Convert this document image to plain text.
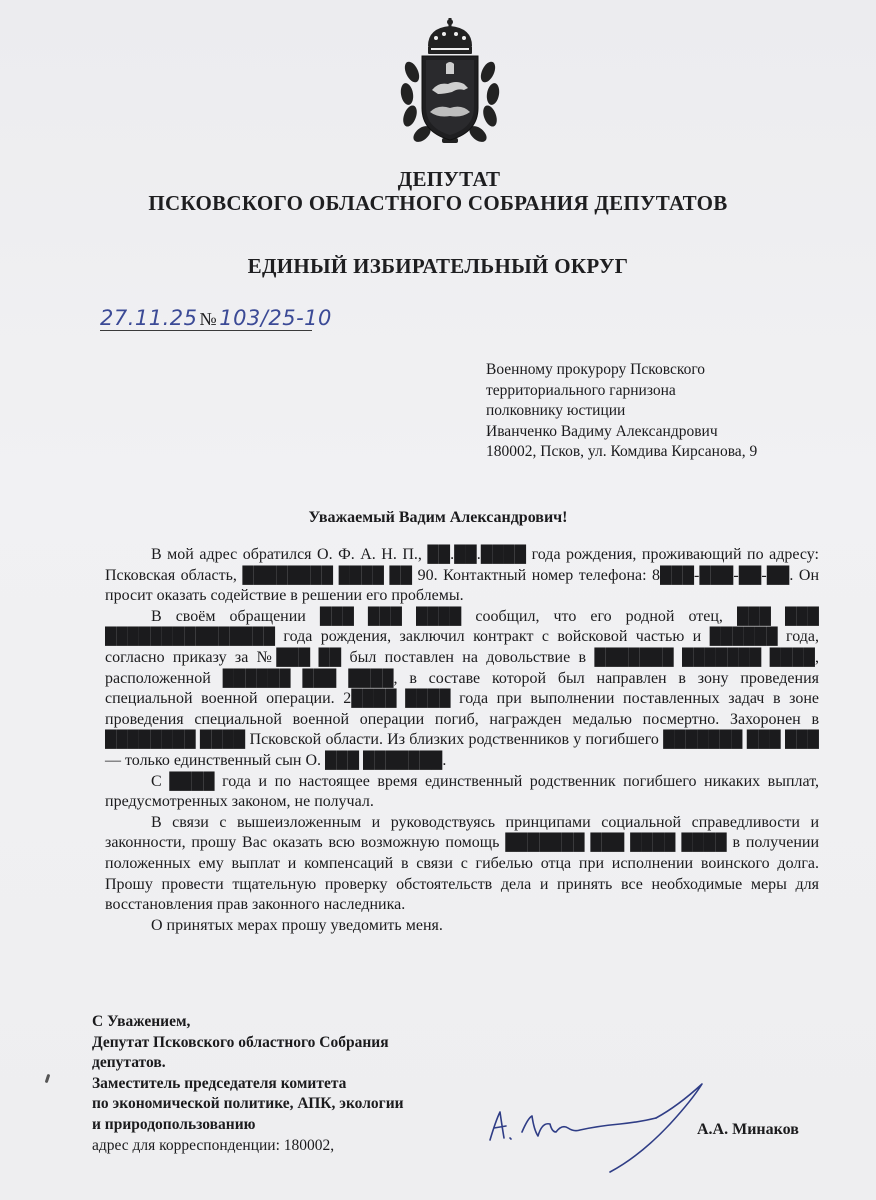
ДЕПУТАТ
ПСКОВСКОГО ОБЛАСТНОГО СОБРАНИЯ ДЕПУТАТОВ
ЕДИНЫЙ ИЗБИРАТЕЛЬНЫЙ ОКРУГ
27.11.25 №103/25-10
Военному прокурору Псковского
территориального гарнизона
полковнику юстиции
Иванченко Вадиму Александрович
180002, Псков, ул. Комдива Кирсанова, 9
Уважаемый Вадим Александрович!

В мой адрес обратился О. Ф. А. Н. П., ██.██.████ года рождения, проживающий по адресу: Псковская область, ████████ ████ ██ 90. Контактный номер телефона: 8███-███-██-██. Он просит оказать содействие в решении его проблемы.

В своём обращении ███ ███ ████ сообщил, что его родной отец, ███ ███ ███████████████ года рождения, заключил контракт с войсковой частью и ██████ года, согласно приказу за №███ ██ был поставлен на довольствие в ███████ ███████ ████, расположенной ██████ ███ ████, в составе которой был направлен в зону проведения специальной военной операции. 2████ ████ года при выполнении поставленных задач в зоне проведения специальной военной операции погиб, награжден медалью посмертно. Захоронен в ████████ ████ Псковской области. Из близких родственников у погибшего ███████ ███ ███ — только единственный сын О. ███ ███████.

С ████ года и по настоящее время единственный родственник погибшего никаких выплат, предусмотренных законом, не получал.

В связи с вышеизложенным и руководствуясь принципами социальной справедливости и законности, прошу Вас оказать всю возможную помощь ███████ ███ ████ ████ в получении положенных ему выплат и компенсаций в связи с гибелью отца при исполнении воинского долга. Прошу провести тщательную проверку обстоятельств дела и принять все необходимые меры для восстановления прав законного наследника.

О принятых мерах прошу уведомить меня.

С Уважением,
Депутат Псковского областного Собрания
депутатов.
Заместитель председателя комитета
по экономической политике, АПК, экологии
и природопользованию
адрес для корреспонденции: 180002,
А.А. Минаков
